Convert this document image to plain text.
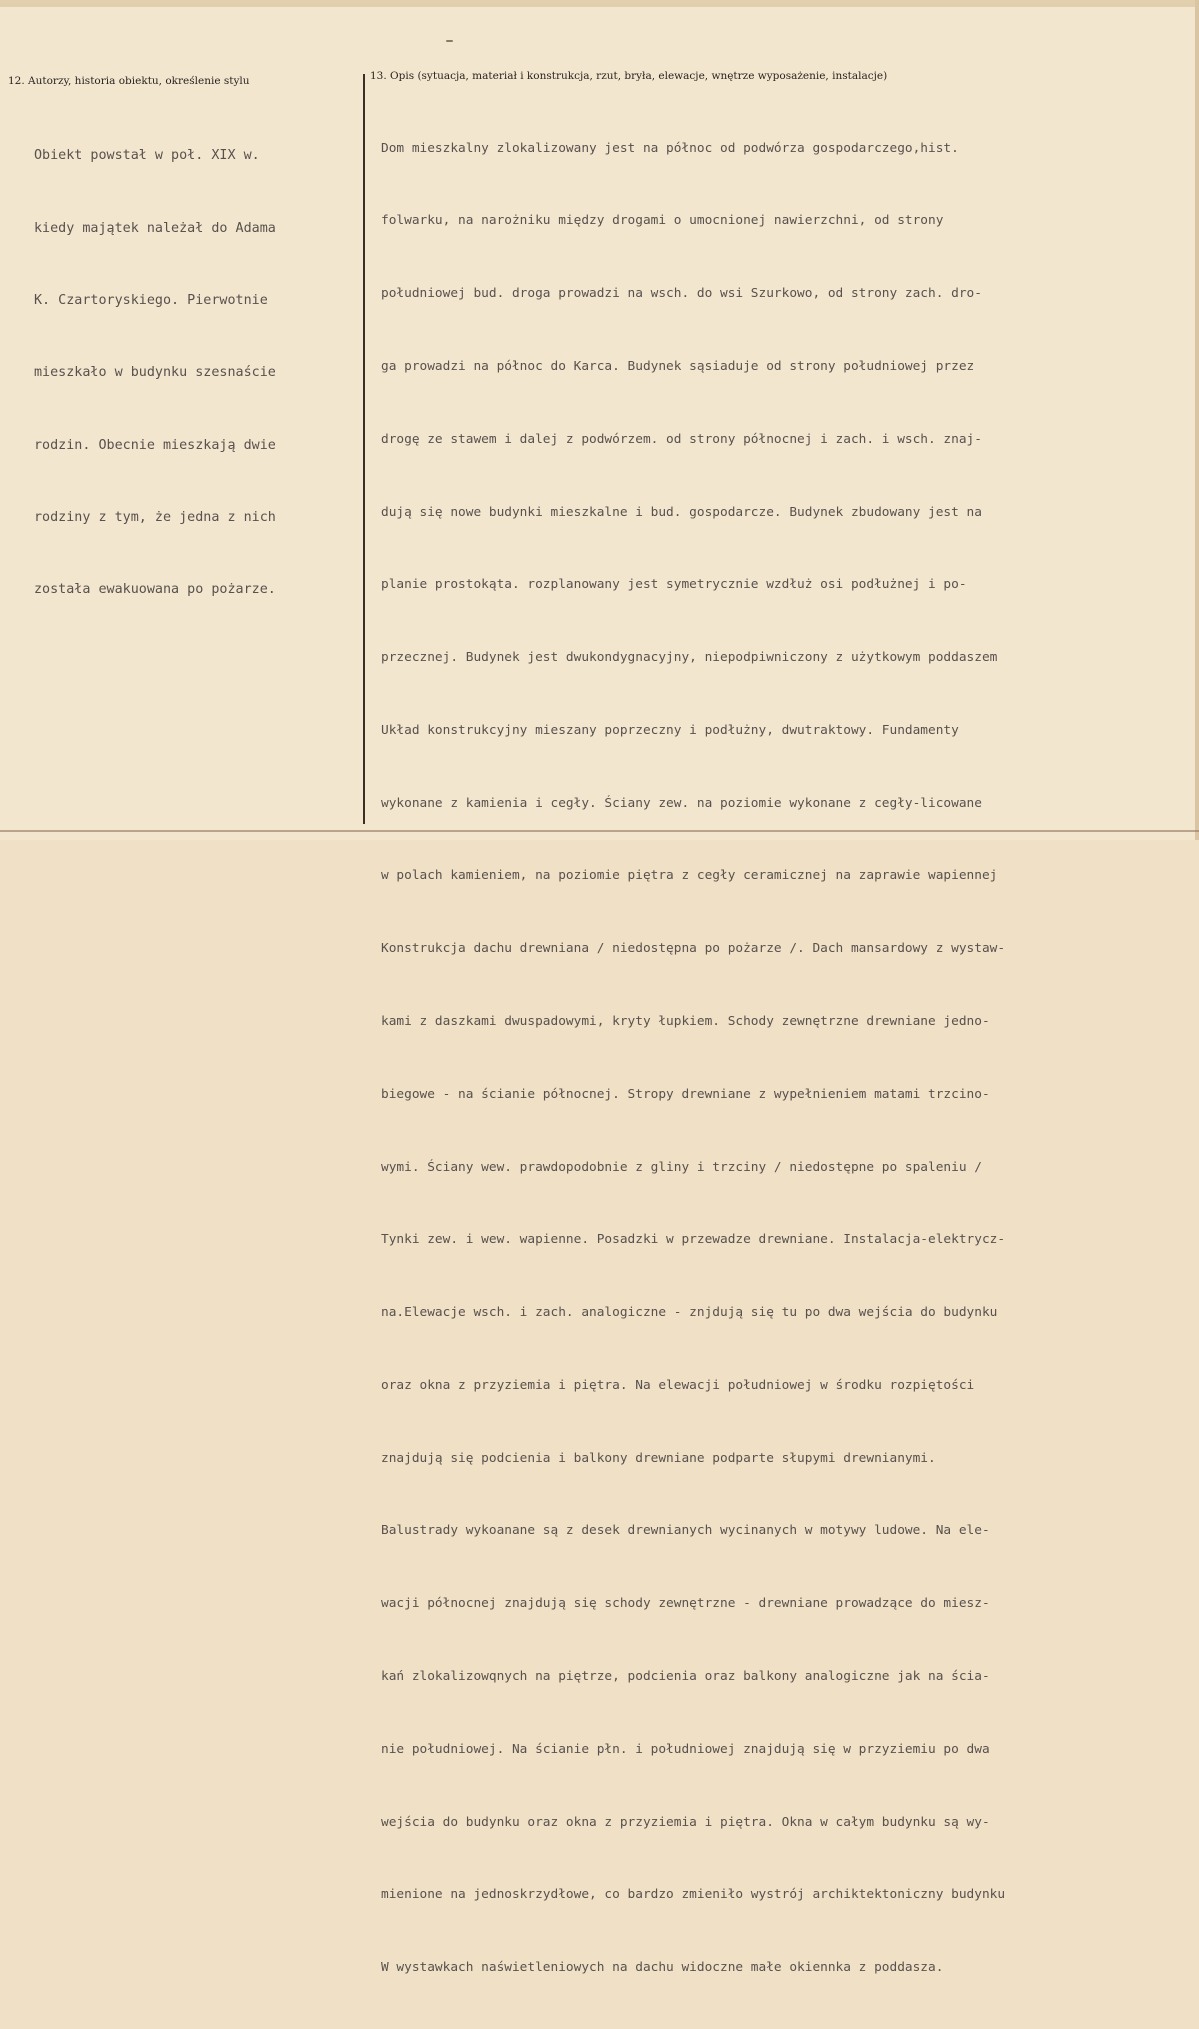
12. Autorzy, historia obiektu, określenie stylu	13. Opis (sytuacja, materiał i konstrukcja, rzut, bryła, elewacje, wnętrze wyposażenie, instalacje)

Obiekt powstał w poł. XIX w.

kiedy majątek należał do Adama

K. Czartoryskiego. Pierwotnie

mieszkało w budynku szesnaście

rodzin. Obecnie mieszkają dwie

rodziny z tym, że jedna z nich

została ewakuowana po pożarze.

Dom mieszkalny zlokalizowany jest na północ od podwórza gospodarczego,hist.

folwarku, na narożniku między drogami o umocnionej nawierzchni, od strony

południowej bud. droga prowadzi na wsch. do wsi Szurkowo, od strony zach. dro-

ga prowadzi na północ do Karca. Budynek sąsiaduje od strony południowej przez

drogę ze stawem i dalej z podwórzem. od strony północnej i zach. i wsch. znaj-

dują się nowe budynki mieszkalne i bud. gospodarcze. Budynek zbudowany jest na

planie prostokąta. rozplanowany jest symetrycznie wzdłuż osi podłużnej i po-

przecznej. Budynek jest dwukondygnacyjny, niepodpiwniczony z użytkowym poddaszem

Układ konstrukcyjny mieszany poprzeczny i podłużny, dwutraktowy. Fundamenty

wykonane z kamienia i cegły. Ściany zew. na poziomie wykonane z cegły-licowane

w polach kamieniem, na poziomie piętra z cegły ceramicznej na zaprawie wapiennej

Konstrukcja dachu drewniana / niedostępna po pożarze /. Dach mansardowy z wystaw-

kami z daszkami dwuspadowymi, kryty łupkiem. Schody zewnętrzne drewniane jedno-

biegowe - na ścianie północnej. Stropy drewniane z wypełnieniem matami trzcino-

wymi. Ściany wew. prawdopodobnie z gliny i trzciny / niedostępne po spaleniu /

Tynki zew. i wew. wapienne. Posadzki w przewadze drewniane. Instalacja-elektrycz-

na.Elewacje wsch. i zach. analogiczne - znjdują się tu po dwa wejścia do budynku

oraz okna z przyziemia i piętra. Na elewacji południowej w środku rozpiętości

znajdują się podcienia i balkony drewniane podparte słupymi drewnianymi.

Balustrady wykoanane są z desek drewnianych wycinanych w motywy ludowe. Na ele-

wacji północnej znajdują się schody zewnętrzne - drewniane prowadzące do miesz-

kań zlokalizowqnych na piętrze, podcienia oraz balkony analogiczne jak na ścia-

nie południowej. Na ścianie płn. i południowej znajdują się w przyziemiu po dwa

wejścia do budynku oraz okna z przyziemia i piętra. Okna w całym budynku są wy-

mienione na jednoskrzydłowe, co bardzo zmieniło wystrój archiktektoniczny budynku

W wystawkach naświetleniowych na dachu widoczne małe okiennka z poddasza.
